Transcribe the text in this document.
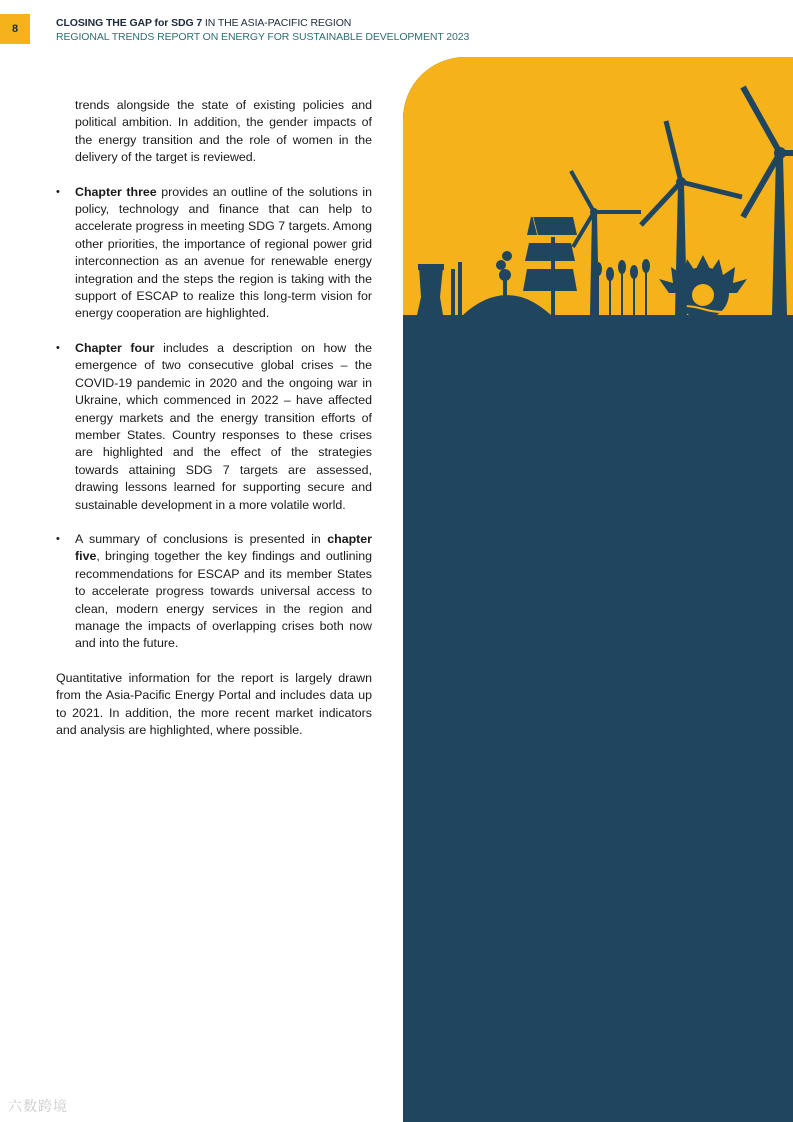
8	CLOSING THE GAP for SDG 7 IN THE ASIA-PACIFIC REGION
REGIONAL TRENDS REPORT ON ENERGY FOR SUSTAINABLE DEVELOPMENT 2023

trends alongside the state of existing policies and political ambition. In addition, the gender impacts of the energy transition and the role of women in the delivery of the target is reviewed.

• Chapter three provides an outline of the solutions in policy, technology and finance that can help to accelerate progress in meeting SDG 7 targets. Among other priorities, the importance of regional power grid interconnection as an avenue for renewable energy integration and the steps the region is taking with the support of ESCAP to realize this long-term vision for energy cooperation are highlighted.
• Chapter four includes a description on how the emergence of two consecutive global crises – the COVID-19 pandemic in 2020 and the ongoing war in Ukraine, which commenced in 2022 – have affected energy markets and the energy transition efforts of member States. Country responses to these crises are highlighted and the effect of the strategies towards attaining SDG 7 targets are assessed, drawing lessons learned for supporting secure and sustainable development in a more volatile world.
• A summary of conclusions is presented in chapter five, bringing together the key findings and outlining recommendations for ESCAP and its member States to accelerate progress towards universal access to clean, modern energy services in the region and manage the impacts of overlapping crises both now and into the future.

Quantitative information for the report is largely drawn from the Asia-Pacific Energy Portal and includes data up to 2021. In addition, the more recent market indicators and analysis are highlighted, where possible.

六数跨境
